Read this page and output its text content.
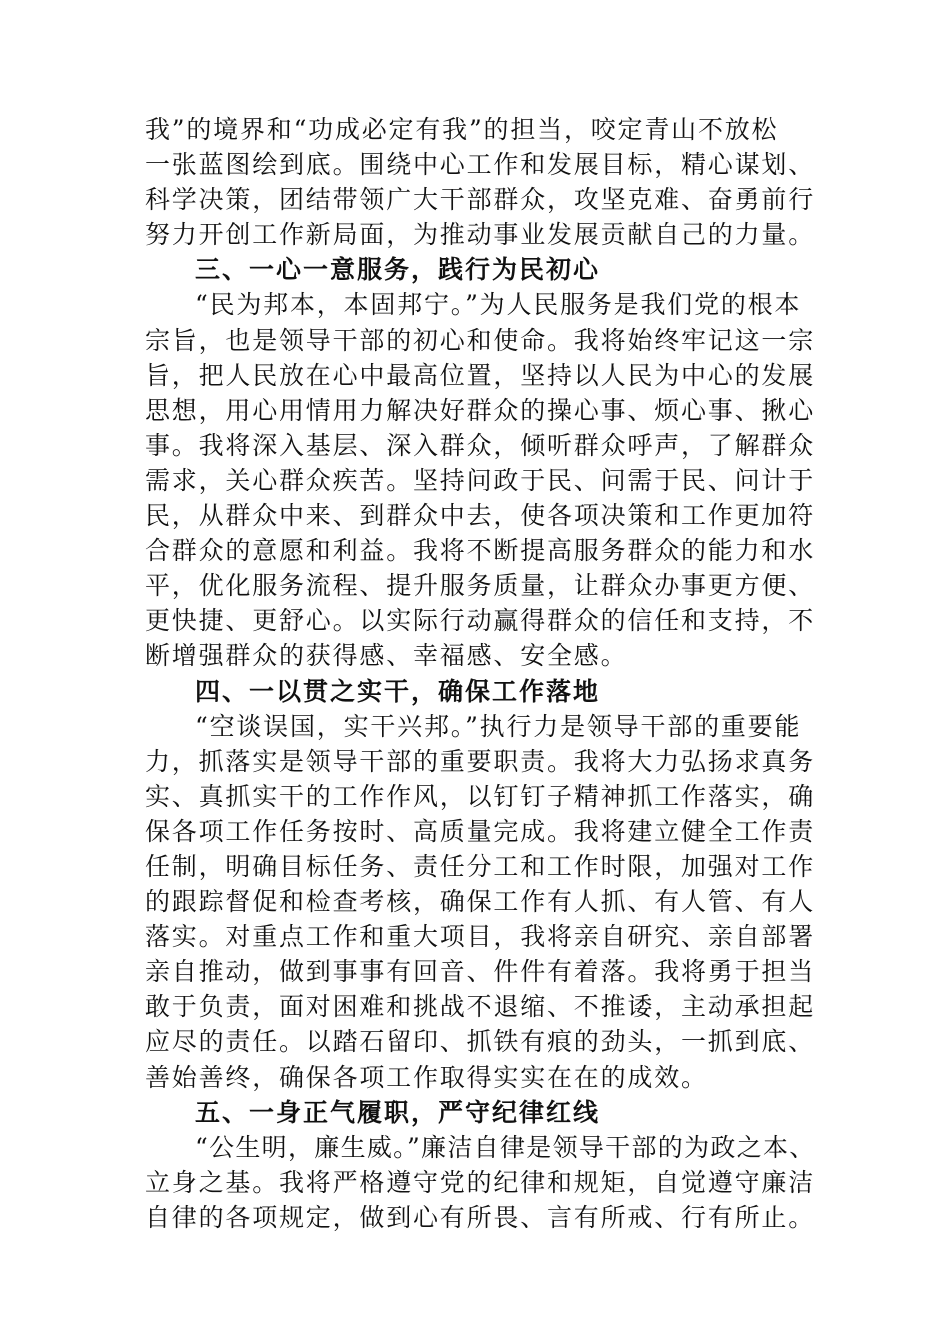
我”的境界和“功成必定有我”的担当，咬定青山不放松
一张蓝图绘到底。围绕中心工作和发展目标，精心谋划、
科学决策，团结带领广大干部群众，攻坚克难、奋勇前行
努力开创工作新局面，为推动事业发展贡献自己的力量。
三、一心一意服务，践行为民初心
“民为邦本，本固邦宁。”为人民服务是我们党的根本
宗旨，也是领导干部的初心和使命。我将始终牢记这一宗
旨，把人民放在心中最高位置，坚持以人民为中心的发展
思想，用心用情用力解决好群众的操心事、烦心事、揪心
事。我将深入基层、深入群众，倾听群众呼声，了解群众
需求，关心群众疾苦。坚持问政于民、问需于民、问计于
民，从群众中来、到群众中去，使各项决策和工作更加符
合群众的意愿和利益。我将不断提高服务群众的能力和水
平，优化服务流程、提升服务质量，让群众办事更方便、
更快捷、更舒心。以实际行动赢得群众的信任和支持，不
断增强群众的获得感、幸福感、安全感。
四、一以贯之实干，确保工作落地
“空谈误国，实干兴邦。”执行力是领导干部的重要能
力，抓落实是领导干部的重要职责。我将大力弘扬求真务
实、真抓实干的工作作风，以钉钉子精神抓工作落实，确
保各项工作任务按时、高质量完成。我将建立健全工作责
任制，明确目标任务、责任分工和工作时限，加强对工作
的跟踪督促和检查考核，确保工作有人抓、有人管、有人
落实。对重点工作和重大项目，我将亲自研究、亲自部署
亲自推动，做到事事有回音、件件有着落。我将勇于担当
敢于负责，面对困难和挑战不退缩、不推诿，主动承担起
应尽的责任。以踏石留印、抓铁有痕的劲头，一抓到底、
善始善终，确保各项工作取得实实在在的成效。
五、一身正气履职，严守纪律红线
“公生明，廉生威。”廉洁自律是领导干部的为政之本、
立身之基。我将严格遵守党的纪律和规矩，自觉遵守廉洁
自律的各项规定，做到心有所畏、言有所戒、行有所止。
